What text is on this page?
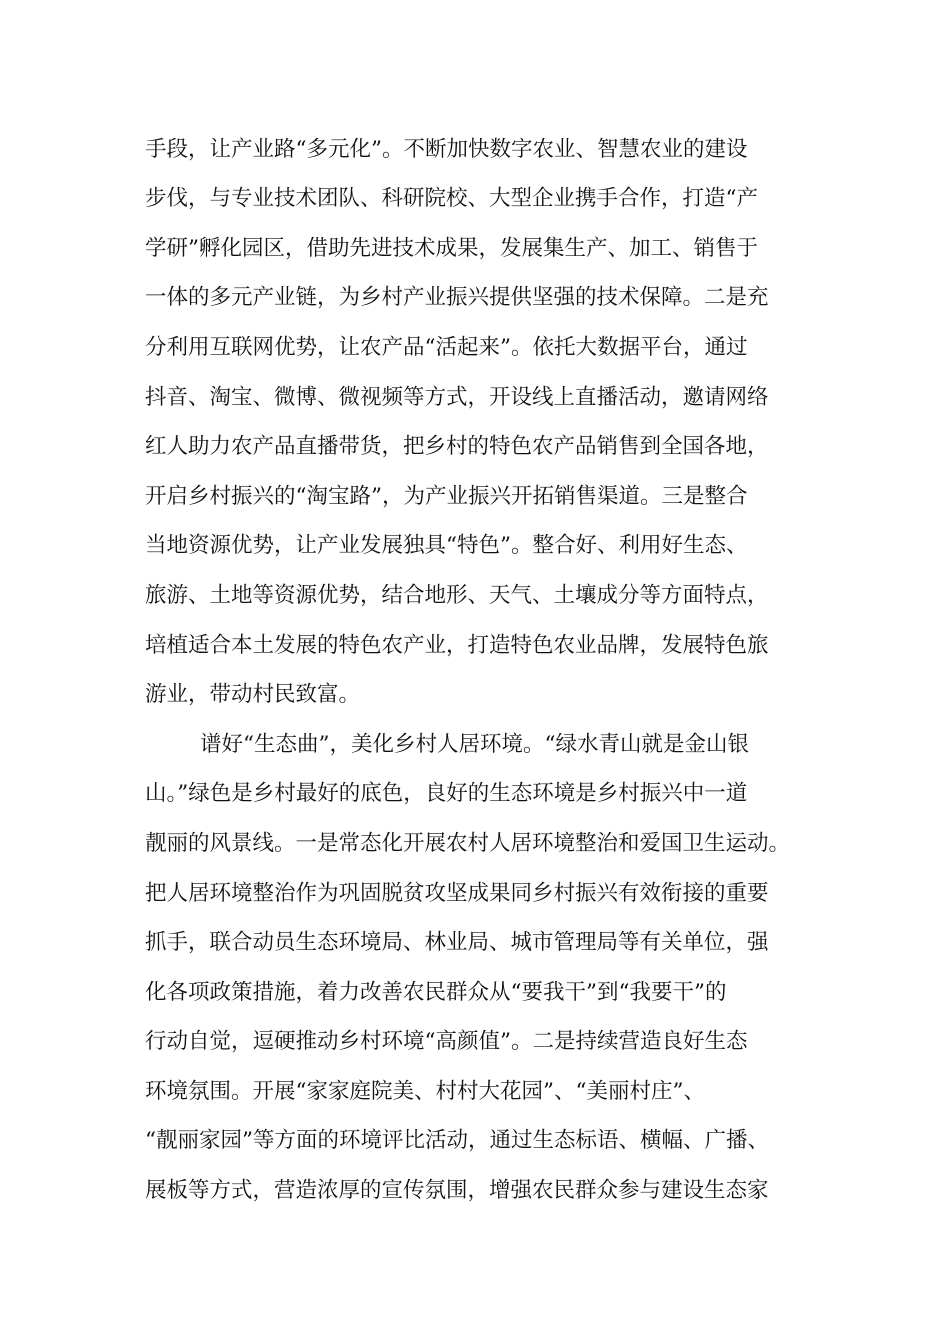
手段，让产业路“多元化”。不断加快数字农业、智慧农业的建设
步伐，与专业技术团队、科研院校、大型企业携手合作，打造“产
学研”孵化园区，借助先进技术成果，发展集生产、加工、销售于
一体的多元产业链，为乡村产业振兴提供坚强的技术保障。二是充
分利用互联网优势，让农产品“活起来”。依托大数据平台，通过
抖音、淘宝、微博、微视频等方式，开设线上直播活动，邀请网络
红人助力农产品直播带货，把乡村的特色农产品销售到全国各地，
开启乡村振兴的“淘宝路”，为产业振兴开拓销售渠道。三是整合
当地资源优势，让产业发展独具“特色”。整合好、利用好生态、
旅游、土地等资源优势，结合地形、天气、土壤成分等方面特点，
培植适合本土发展的特色农产业，打造特色农业品牌，发展特色旅
游业，带动村民致富。
谱好“生态曲”，美化乡村人居环境。“绿水青山就是金山银
山。”绿色是乡村最好的底色，良好的生态环境是乡村振兴中一道
靓丽的风景线。一是常态化开展农村人居环境整治和爱国卫生运动。
把人居环境整治作为巩固脱贫攻坚成果同乡村振兴有效衔接的重要
抓手，联合动员生态环境局、林业局、城市管理局等有关单位，强
化各项政策措施，着力改善农民群众从“要我干”到“我要干”的
行动自觉，逗硬推动乡村环境“高颜值”。二是持续营造良好生态
环境氛围。开展“家家庭院美、村村大花园”、“美丽村庄”、
“靓丽家园”等方面的环境评比活动，通过生态标语、横幅、广播、
展板等方式，营造浓厚的宣传氛围，增强农民群众参与建设生态家
